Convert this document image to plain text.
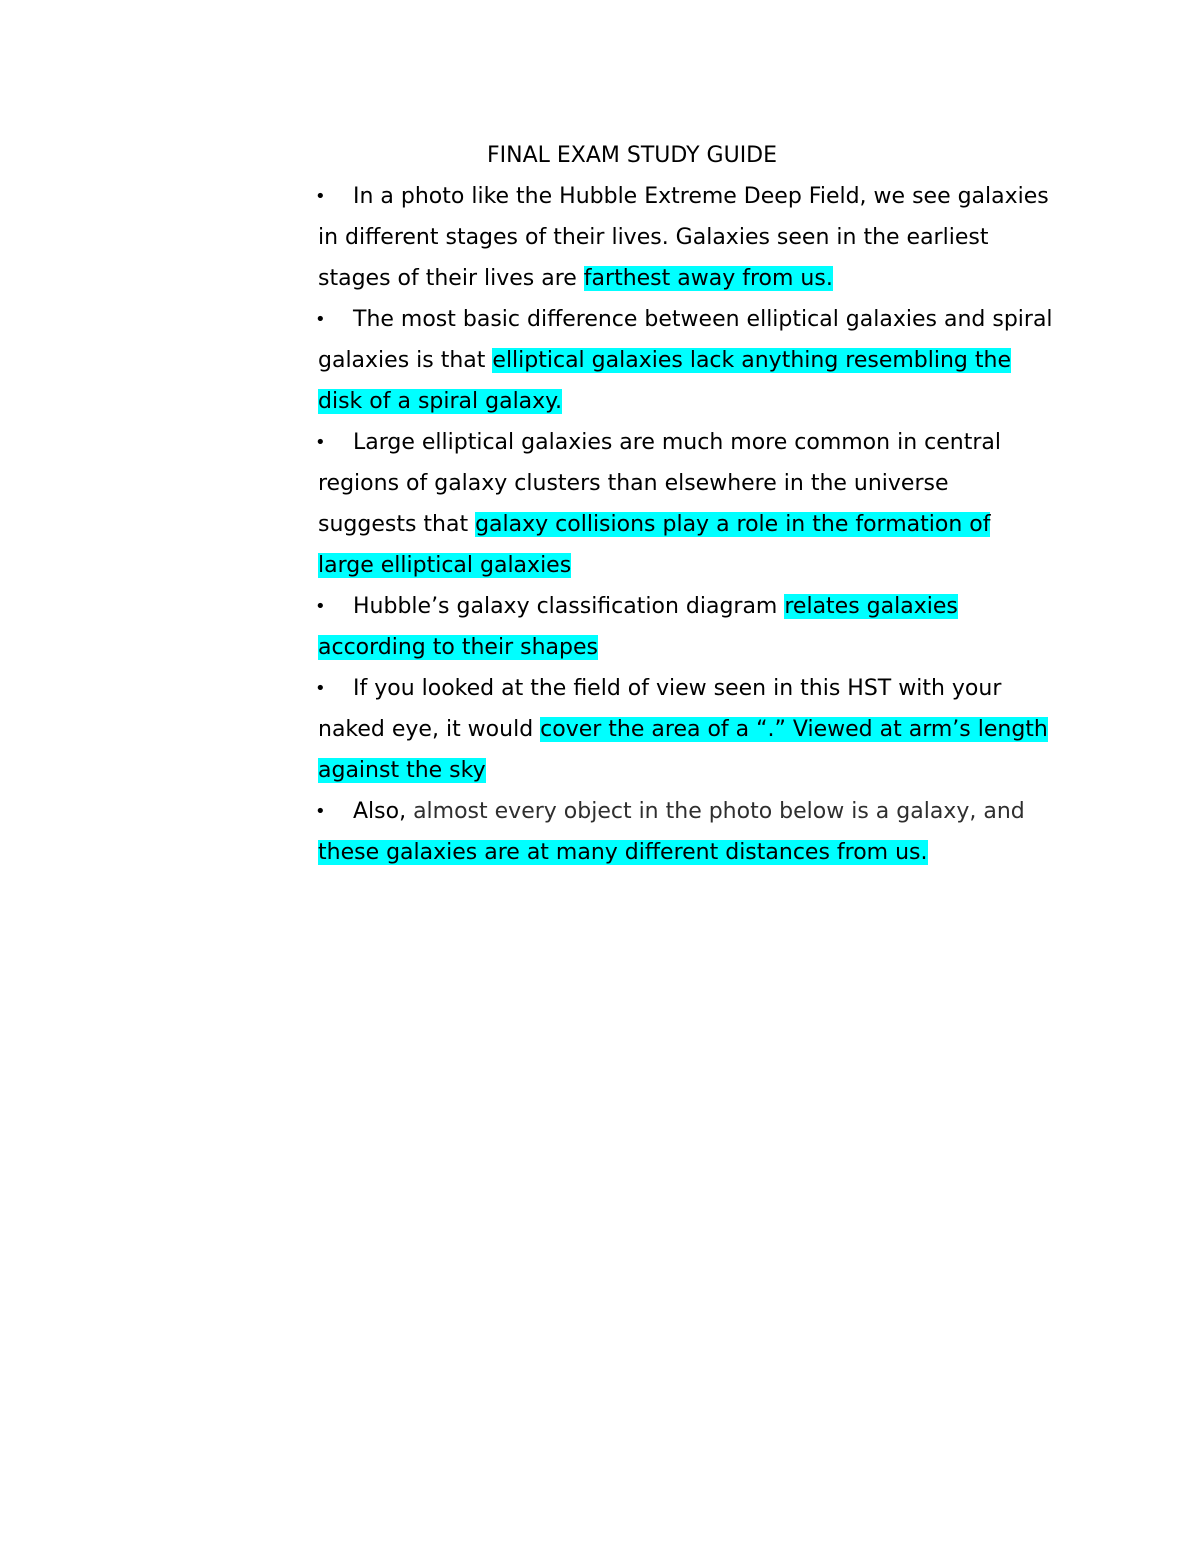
FINAL EXAM STUDY GUIDE

• In a photo like the Hubble Extreme Deep Field, we see galaxies in different stages of their lives. Galaxies seen in the earliest stages of their lives are farthest away from us.

• The most basic difference between elliptical galaxies and spiral galaxies is that elliptical galaxies lack anything resembling the disk of a spiral galaxy.

• Large elliptical galaxies are much more common in central regions of galaxy clusters than elsewhere in the universe suggests that galaxy collisions play a role in the formation of large elliptical galaxies

• Hubble’s galaxy classification diagram relates galaxies according to their shapes

• If you looked at the field of view seen in this HST with your naked eye, it would cover the area of a “.” Viewed at arm’s length against the sky

• Also, almost every object in the photo below is a galaxy, and these galaxies are at many different distances from us.
